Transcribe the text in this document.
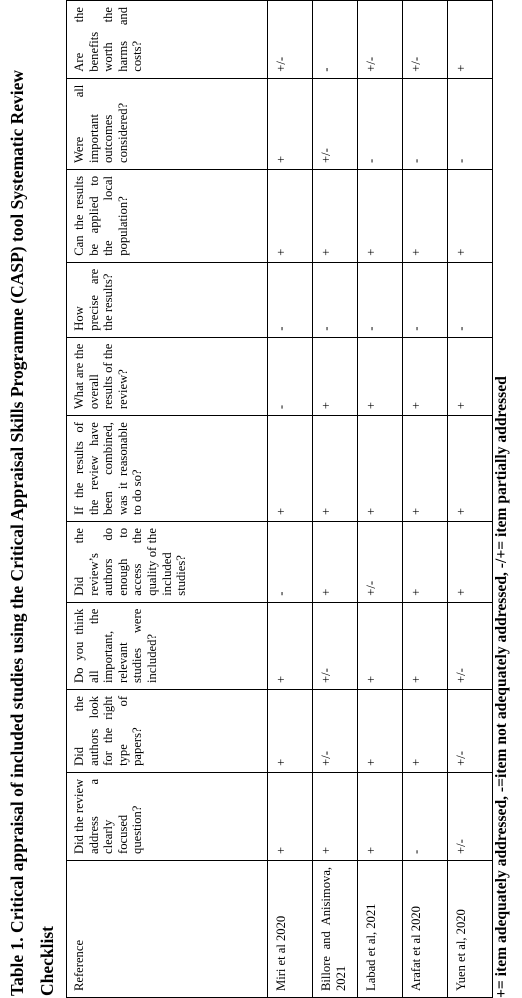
Table 1. Critical appraisal of included studies using the Critical Appraisal Skills Programme (CASP) tool Systematic Review Checklist	Reference	Did the review address a clearly focused question?	Did the authors look for the right type of papers?	Do you think all the important, relevant studies were included?	Did the review’s authors do enough to access the quality of the included studies?	If the results of the review have been combined, was it reasonable to do so?	What are the overall results of the review?	How precise are the results?	Can the results be applied to the local population?	Were all important outcomes considered?	Are the benefits worth the harms and costs?
Miri et al 2020	+	+	+	-	+	-	-	+	+	+/-
Billore and Anisimova, 2021	+	+/-	+/-	+	+	+	-	+	+/-	-
Labad et al, 2021	+	+	+	+/-	+	+	-	+	-	+/-
Arafat et al 2020	-	+	+	+	+	+	-	+	-	+/-
Yuen et al, 2020	+/-	+/-	+/-	+	+	+	-	+	-	+
+= item adequately addressed, -=item not adequately addressed, -/+= item partially addressed
